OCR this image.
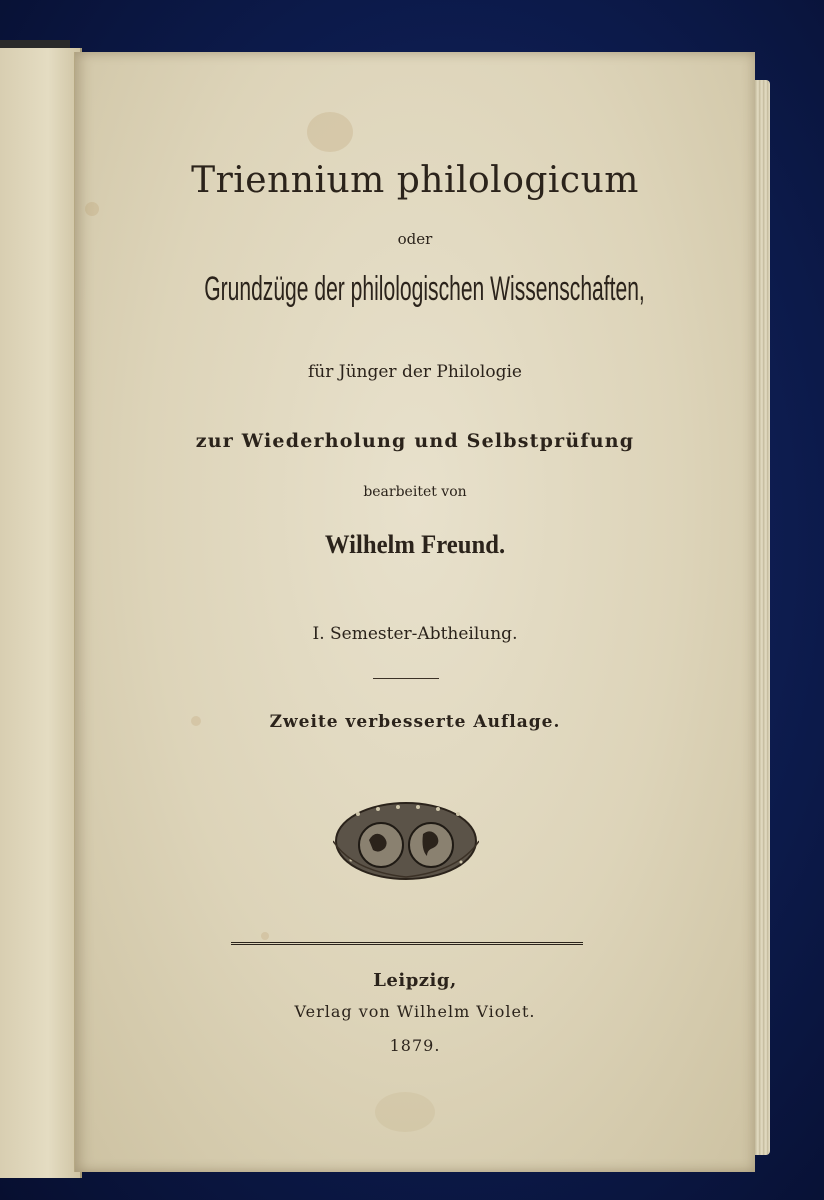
Triennium philologicum
oder
Grundzüge der philologischen Wissenschaften,
für Jünger der Philologie
zur Wiederholung und Selbstprüfung
bearbeitet von
Wilhelm Freund.
I. Semester-Abtheilung.
Zweite verbesserte Auflage.
Leipzig,
Verlag von Wilhelm Violet.
1879.
